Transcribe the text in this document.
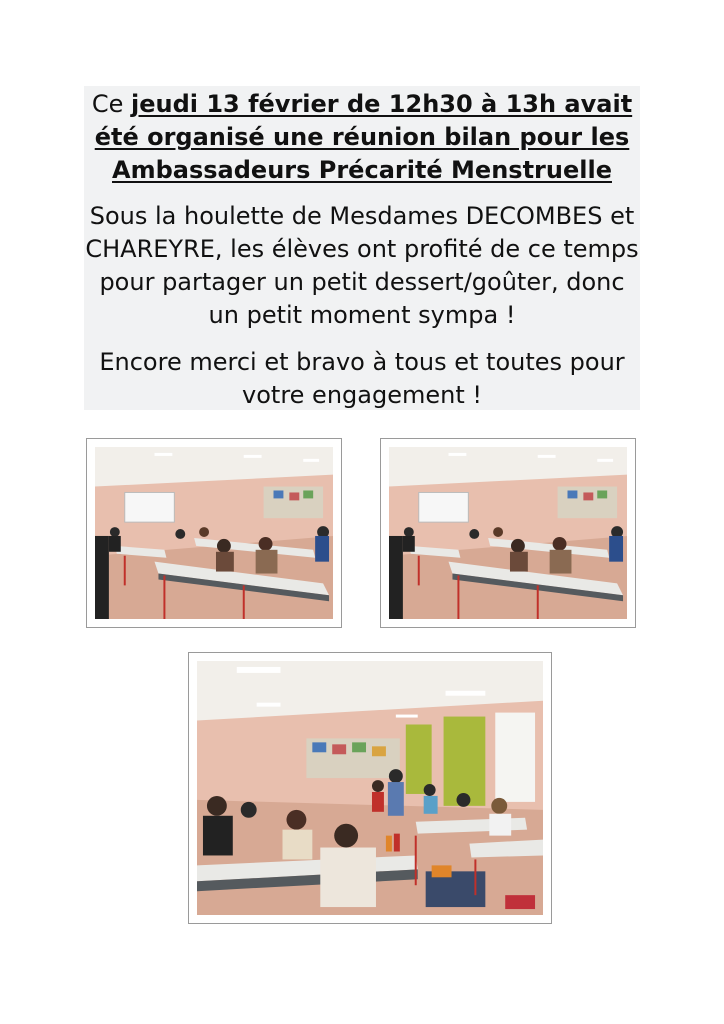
Ce jeudi 13 février de 12h30 à 13h avait
été organisé une réunion bilan pour les
Ambassadeurs Précarité Menstruelle
Sous la houlette de Mesdames DECOMBES et
CHAREYRE, les élèves ont profité de ce temps
pour partager un petit dessert/goûter, donc
un petit moment sympa !
Encore merci et bravo à tous et toutes pour
votre engagement !
